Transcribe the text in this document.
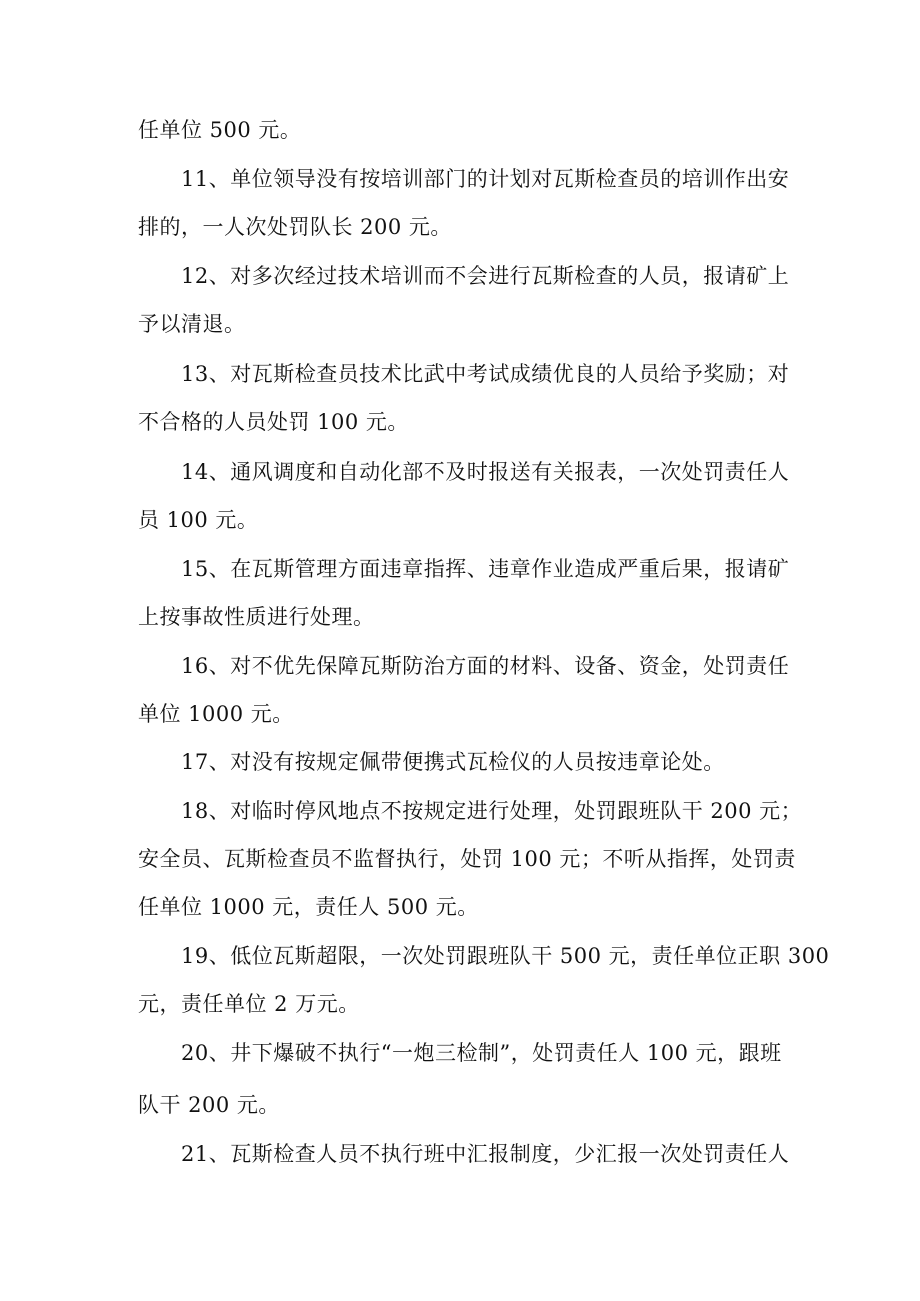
任单位 500 元。
11、单位领导没有按培训部门的计划对瓦斯检查员的培训作出安
排的，一人次处罚队长 200 元。
12、对多次经过技术培训而不会进行瓦斯检查的人员，报请矿上
予以清退。
13、对瓦斯检查员技术比武中考试成绩优良的人员给予奖励；对
不合格的人员处罚 100 元。
14、通风调度和自动化部不及时报送有关报表，一次处罚责任人
员 100 元。
15、在瓦斯管理方面违章指挥、违章作业造成严重后果，报请矿
上按事故性质进行处理。
16、对不优先保障瓦斯防治方面的材料、设备、资金，处罚责任
单位 1000 元。
17、对没有按规定佩带便携式瓦检仪的人员按违章论处。
18、对临时停风地点不按规定进行处理，处罚跟班队干 200 元；
安全员、瓦斯检查员不监督执行，处罚 100 元；不听从指挥，处罚责
任单位 1000 元，责任人 500 元。
19、低位瓦斯超限，一次处罚跟班队干 500 元，责任单位正职 300
元，责任单位 2 万元。
20、井下爆破不执行“一炮三检制”，处罚责任人 100 元，跟班
队干 200 元。
21、瓦斯检查人员不执行班中汇报制度，少汇报一次处罚责任人
